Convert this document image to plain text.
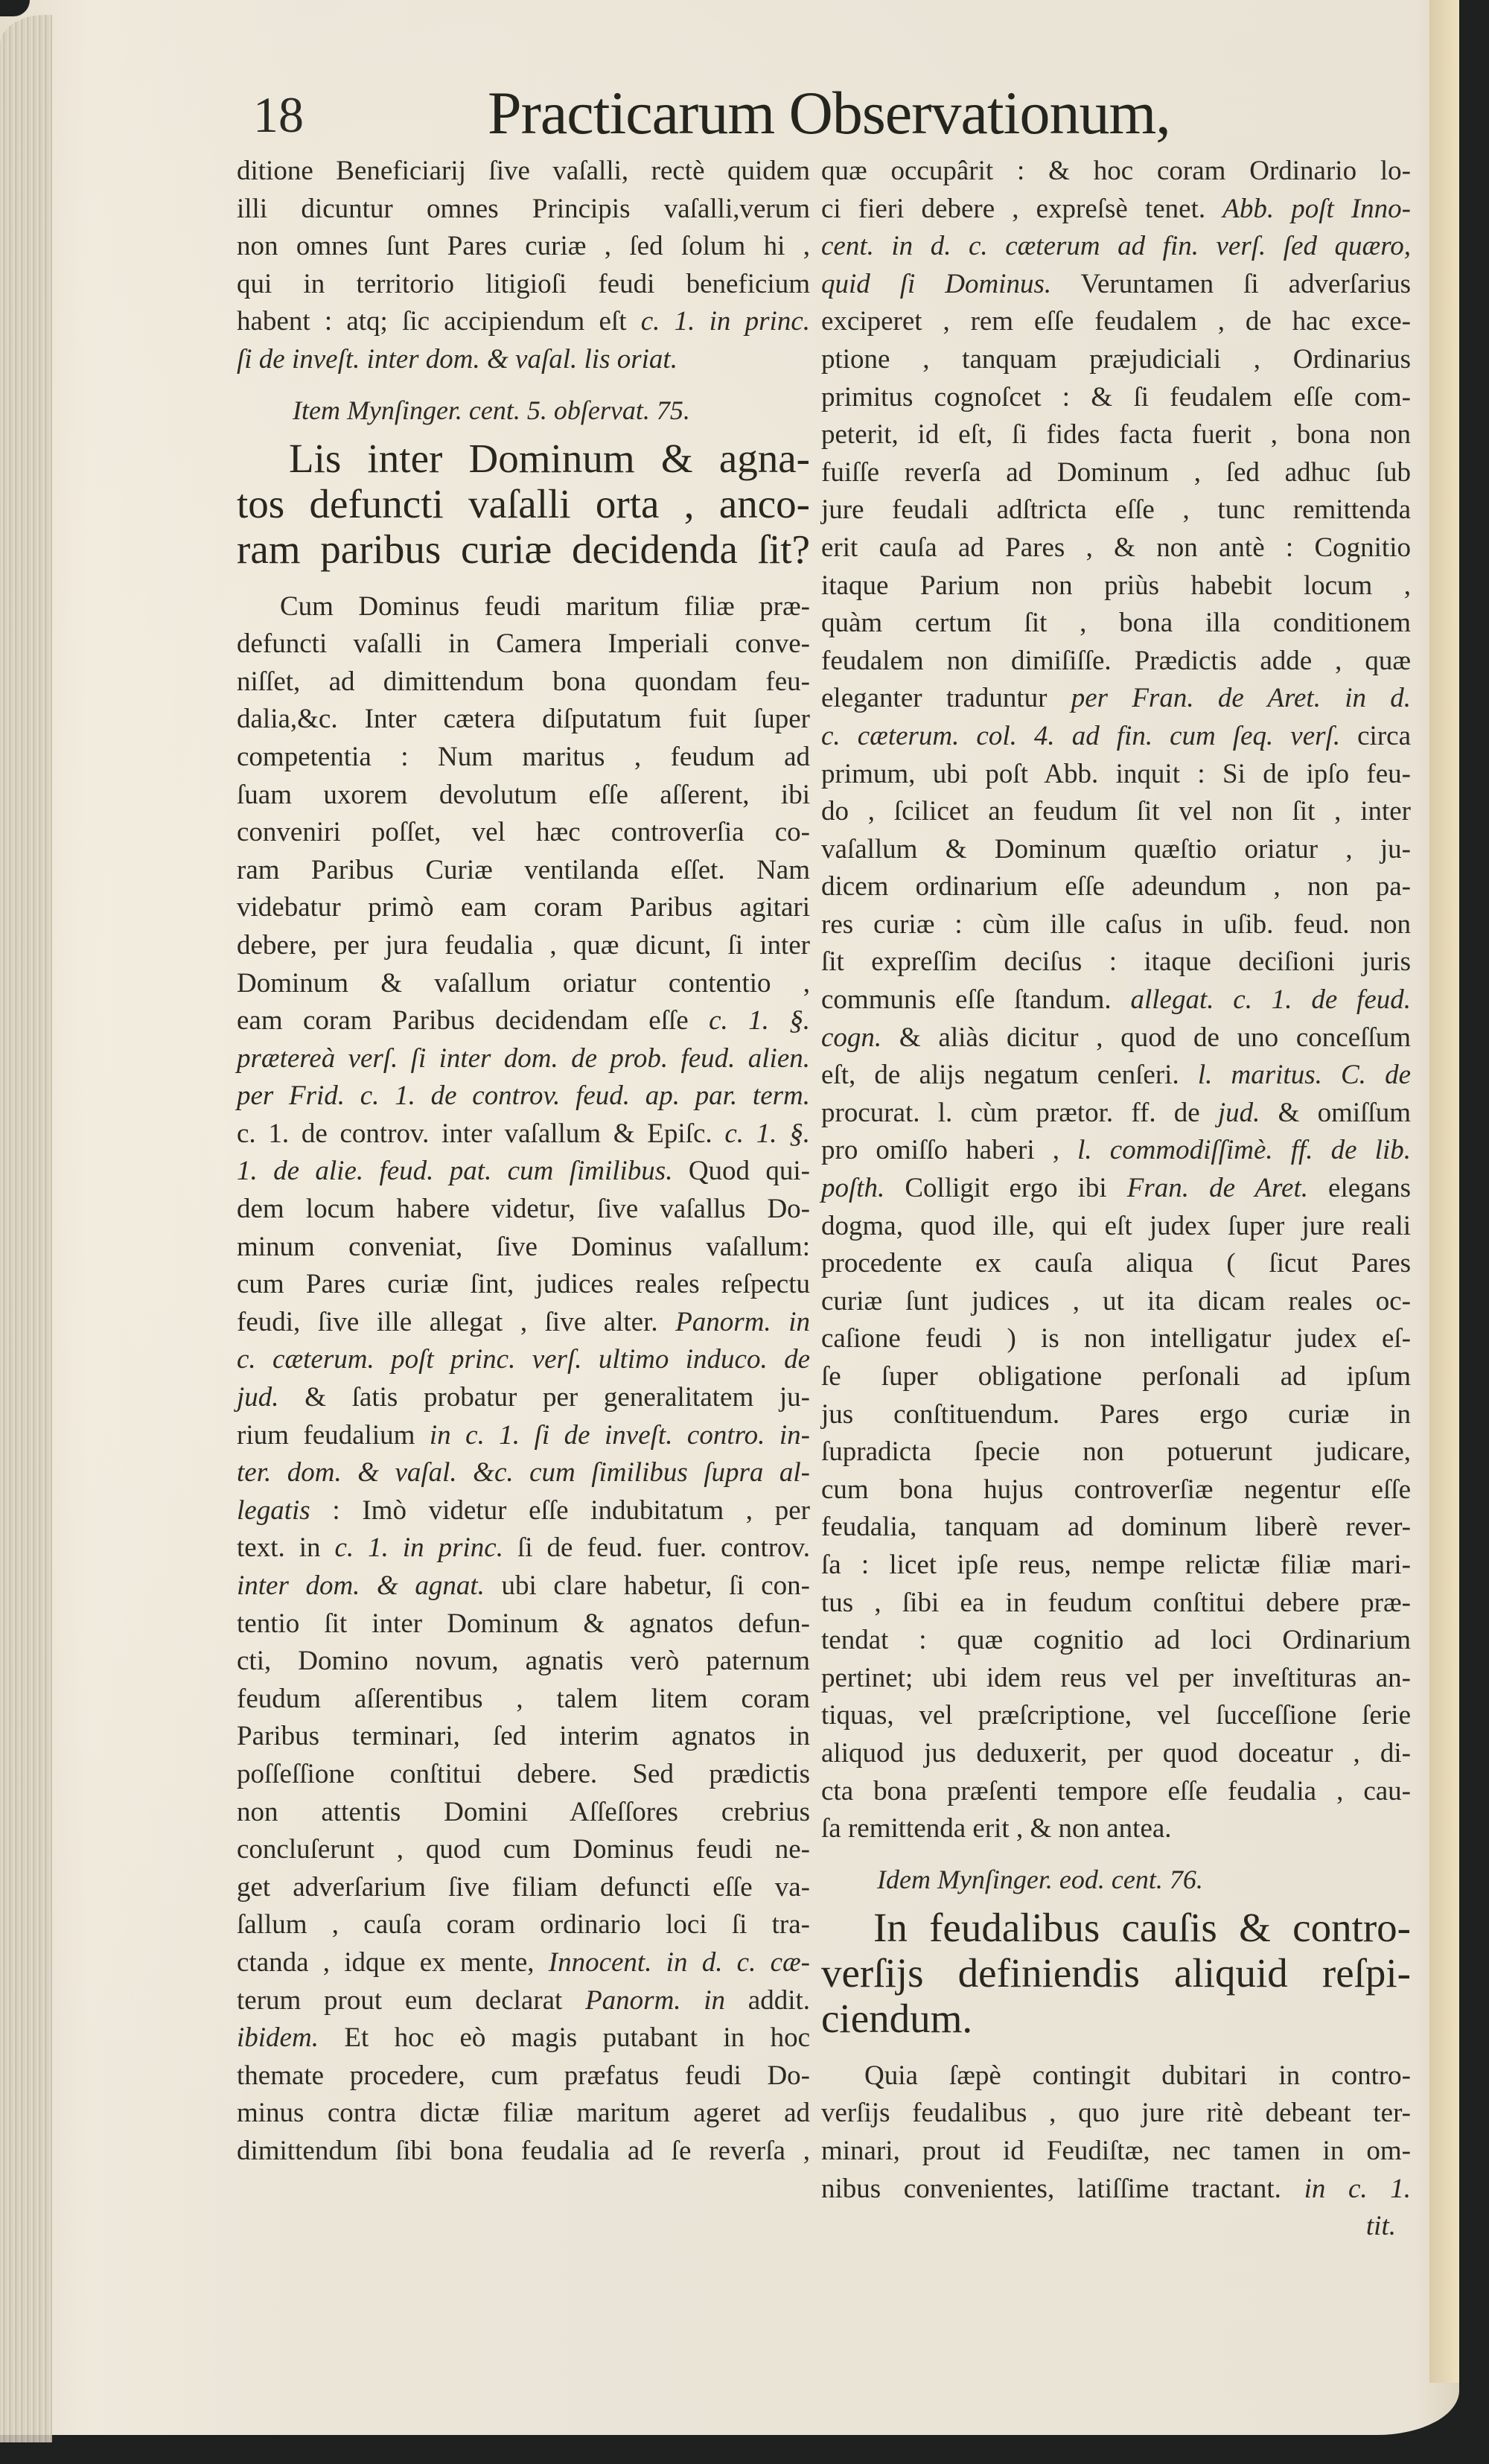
18	Practicarum Observationum,
ditione Beneficiarij ſive vaſalli, rectè quidem
illi dicuntur omnes Principis vaſalli,verum
non omnes ſunt Pares curiæ , ſed ſolum hi ,
qui in territorio litigioſi feudi beneficium
habent : atq; ſic accipiendum eſt c. 1. in princ.
ſi de inveſt. inter dom. & vaſal. lis oriat.
Item Mynſinger. cent. 5. obſervat. 75.
Lis inter Dominum & agna-
tos defuncti vaſalli orta , anco-
ram paribus curiæ decidenda ſit?
Cum Dominus feudi maritum filiæ præ-
defuncti vaſalli in Camera Imperiali conve-
niſſet, ad dimittendum bona quondam feu-
dalia,&c. Inter cætera diſputatum fuit ſuper
competentia : Num maritus , feudum ad
ſuam uxorem devolutum eſſe aſſerent, ibi
conveniri poſſet, vel hæc controverſia co-
ram Paribus Curiæ ventilanda eſſet. Nam
videbatur primò eam coram Paribus agitari
debere, per jura feudalia , quæ dicunt, ſi inter
Dominum & vaſallum oriatur contentio ,
eam coram Paribus decidendam eſſe c. 1. §.
prætereà verſ. ſi inter dom. de prob. feud. alien.
per Frid. c. 1. de controv. feud. ap. par. term.
c. 1. de controv. inter vaſallum & Epiſc. c. 1. §.
1. de alie. feud. pat. cum ſimilibus. Quod qui-
dem locum habere videtur, ſive vaſallus Do-
minum conveniat, ſive Dominus vaſallum:
cum Pares curiæ ſint, judices reales reſpectu
feudi, ſive ille allegat , ſive alter. Panorm. in
c. cæterum. poſt princ. verſ. ultimo induco. de
jud. & ſatis probatur per generalitatem ju-
rium feudalium in c. 1. ſi de inveſt. contro. in-
ter. dom. & vaſal. &c. cum ſimilibus ſupra al-
legatis : Imò videtur eſſe indubitatum , per
text. in c. 1. in princ. ſi de feud. fuer. controv.
inter dom. & agnat. ubi clare habetur, ſi con-
tentio ſit inter Dominum & agnatos defun-
cti, Domino novum, agnatis verò paternum
feudum aſſerentibus , talem litem coram
Paribus terminari, ſed interim agnatos in
poſſeſſione conſtitui debere. Sed prædictis
non attentis Domini Aſſeſſores crebrius
concluſerunt , quod cum Dominus feudi ne-
get adverſarium ſive filiam defuncti eſſe va-
ſallum , cauſa coram ordinario loci ſi tra-
ctanda , idque ex mente, Innocent. in d. c. cæ-
terum prout eum declarat Panorm. in addit.
ibidem. Et hoc eò magis putabant in hoc
themate procedere, cum præfatus feudi Do-
minus contra dictæ filiæ maritum ageret ad
dimittendum ſibi bona feudalia ad ſe reverſa ,
quæ occupârit : & hoc coram Ordinario lo-
ci fieri debere , expreſsè tenet. Abb. poſt Inno-
cent. in d. c. cæterum ad fin. verſ. ſed quæro,
quid ſi Dominus. Veruntamen ſi adverſarius
exciperet , rem eſſe feudalem , de hac exce-
ptione , tanquam præjudiciali , Ordinarius
primitus cognoſcet : & ſi feudalem eſſe com-
peterit, id eſt, ſi fides facta fuerit , bona non
fuiſſe reverſa ad Dominum , ſed adhuc ſub
jure feudali adſtricta eſſe , tunc remittenda
erit cauſa ad Pares , & non antè : Cognitio
itaque Parium non priùs habebit locum ,
quàm certum ſit , bona illa conditionem
feudalem non dimiſiſſe. Prædictis adde , quæ
eleganter traduntur per Fran. de Aret. in d.
c. cæterum. col. 4. ad fin. cum ſeq. verſ. circa
primum, ubi poſt Abb. inquit : Si de ipſo feu-
do , ſcilicet an feudum ſit vel non ſit , inter
vaſallum & Dominum quæſtio oriatur , ju-
dicem ordinarium eſſe adeundum , non pa-
res curiæ : cùm ille caſus in uſib. feud. non
ſit expreſſim deciſus : itaque deciſioni juris
communis eſſe ſtandum. allegat. c. 1. de feud.
cogn. & aliàs dicitur , quod de uno conceſſum
eſt, de alijs negatum cenſeri. l. maritus. C. de
procurat. l. cùm prætor. ff. de jud. & omiſſum
pro omiſſo haberi , l. commodiſſimè. ff. de lib.
poſth. Colligit ergo ibi Fran. de Aret. elegans
dogma, quod ille, qui eſt judex ſuper jure reali
procedente ex cauſa aliqua ( ſicut Pares
curiæ ſunt judices , ut ita dicam reales oc-
caſione feudi ) is non intelligatur judex eſ-
ſe ſuper obligatione perſonali ad ipſum
jus conſtituendum. Pares ergo curiæ in
ſupradicta ſpecie non potuerunt judicare,
cum bona hujus controverſiæ negentur eſſe
feudalia, tanquam ad dominum liberè rever-
ſa : licet ipſe reus, nempe relictæ filiæ mari-
tus , ſibi ea in feudum conſtitui debere præ-
tendat : quæ cognitio ad loci Ordinarium
pertinet; ubi idem reus vel per inveſtituras an-
tiquas, vel præſcriptione, vel ſucceſſione ſerie
aliquod jus deduxerit, per quod doceatur , di-
cta bona præſenti tempore eſſe feudalia , cau-
ſa remittenda erit , & non antea.
Idem Mynſinger. eod. cent. 76.
In feudalibus cauſis & contro-
verſijs definiendis aliquid reſpi-
ciendum.
Quia ſæpè contingit dubitari in contro-
verſijs feudalibus , quo jure ritè debeant ter-
minari, prout id Feudiſtæ, nec tamen in om-
nibus convenientes, latiſſime tractant. in c. 1.
tit.
